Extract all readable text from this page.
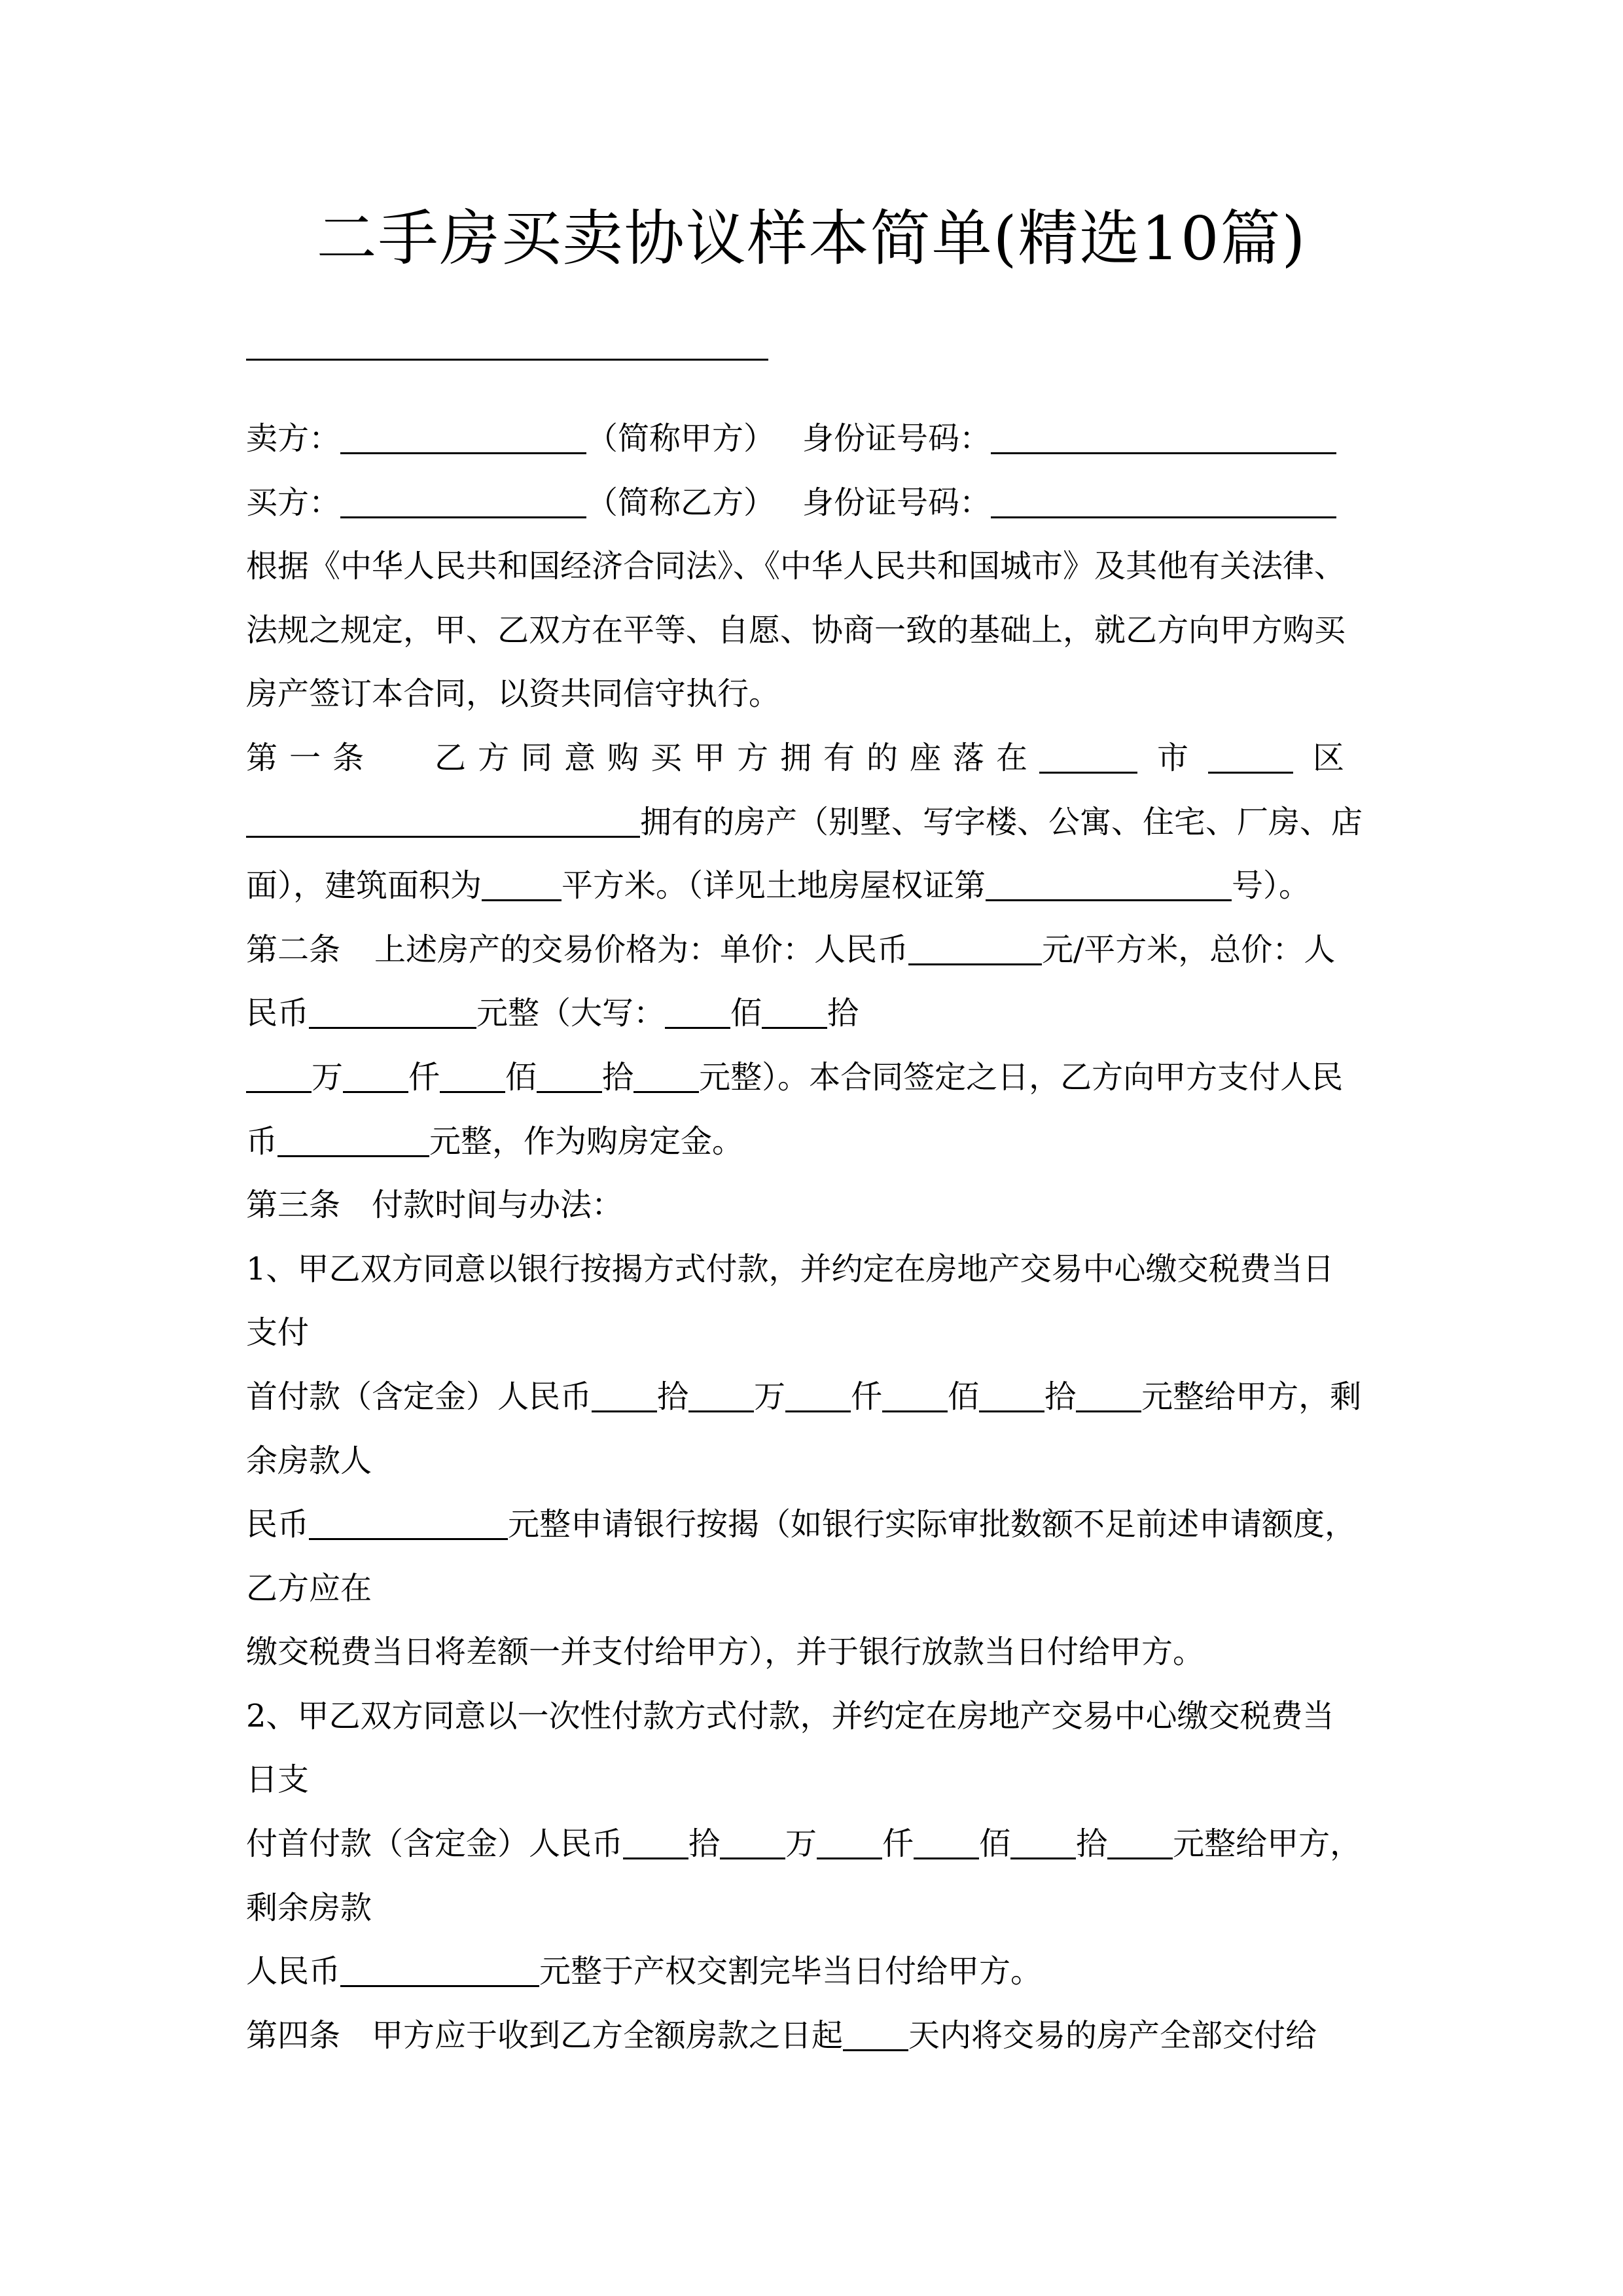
二手房买卖协议样本简单(精选10篇)
卖方：	（简称甲方） 身份证号码：
买方：	（简称乙方） 身份证号码：
根据《中华人民共和国经济合同法》、《中华人民共和国城市》及其他有关法律、
法规之规定，甲、乙双方在平等、自愿、协商一致的基础上，就乙方向甲方购买
房产签订本合同，以资共同信守执行。
第一条 乙方同意购买甲方拥有的座落在	市	区
拥有的房产（别墅、写字楼、公寓、住宅、厂房、店
面），建筑面积为	平方米。（详见土地房屋权证第	号）。
第二条 上述房产的交易价格为：单价：人民币	元/平方米，总价：人
民币	元整（大写： 佰 拾
万 仟 佰 拾 元整）。本合同签定之日，乙方向甲方支付人民
币	元整，作为购房定金。
第三条　付款时间与办法：
1、甲乙双方同意以银行按揭方式付款，并约定在房地产交易中心缴交税费当日
支付
首付款（含定金）人民币 拾 万 仟 佰 拾 元整给甲方，剩
余房款人
民币	元整申请银行按揭（如银行实际审批数额不足前述申请额度，
乙方应在
缴交税费当日将差额一并支付给甲方），并于银行放款当日付给甲方。
2、甲乙双方同意以一次性付款方式付款，并约定在房地产交易中心缴交税费当
日支
付首付款（含定金）人民币 拾 万 仟 佰 拾 元整给甲方，
剩余房款
人民币	元整于产权交割完毕当日付给甲方。
第四条　甲方应于收到乙方全额房款之日起 天内将交易的房产全部交付给
